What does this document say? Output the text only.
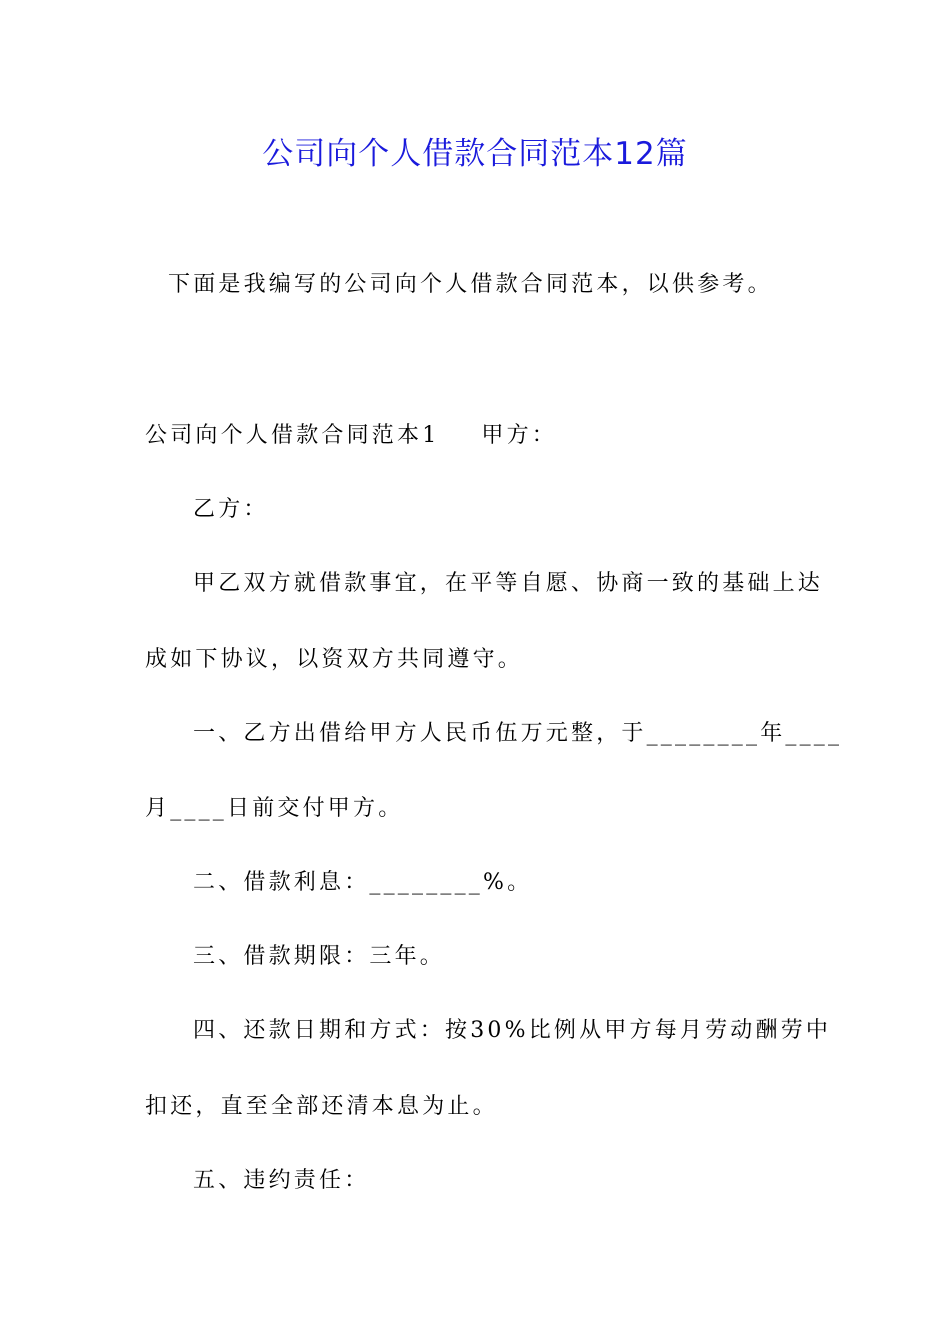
公司向个人借款合同范本12篇
下面是我编写的公司向个人借款合同范本，以供参考。
公司向个人借款合同范本1 甲方：
乙方：
甲乙双方就借款事宜，在平等自愿、协商一致的基础上达
成如下协议，以资双方共同遵守。
一、乙方出借给甲方人民币伍万元整，于________年____
月____日前交付甲方。
二、借款利息：________%。
三、借款期限：三年。
四、还款日期和方式：按30%比例从甲方每月劳动酬劳中
扣还，直至全部还清本息为止。
五、违约责任：
